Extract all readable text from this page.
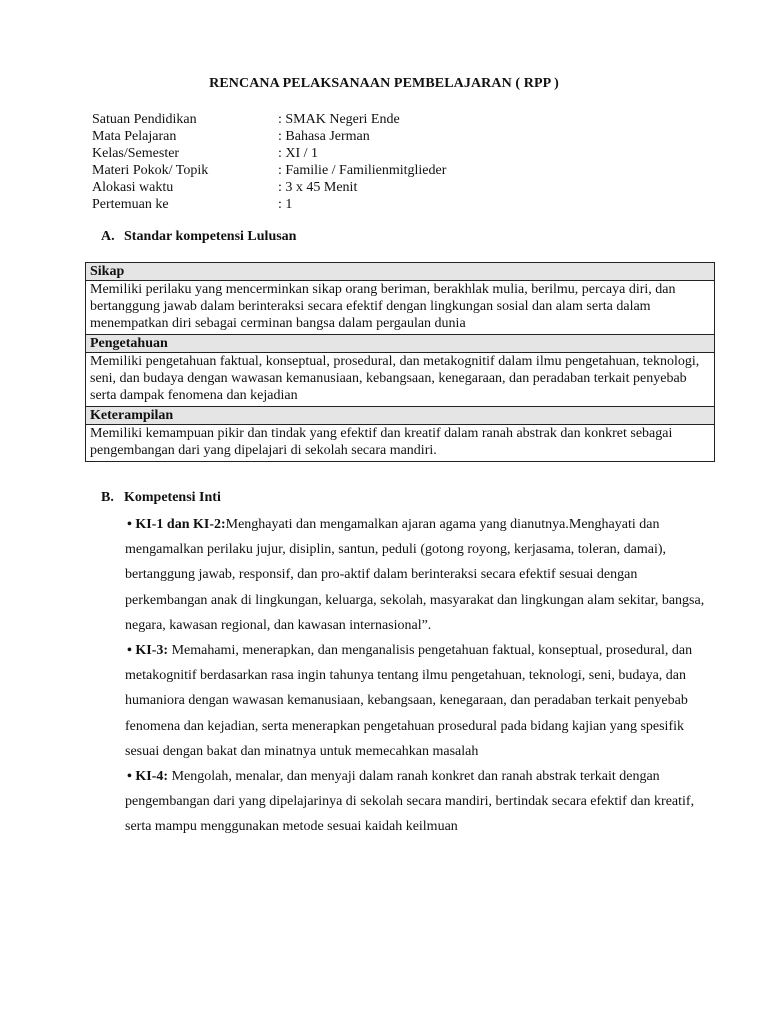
RENCANA PELAKSANAAN PEMBELAJARAN ( RPP )
Satuan Pendidikan	: SMAK Negeri Ende
Mata Pelajaran	: Bahasa Jerman
Kelas/Semester	: XI / 1
Materi Pokok/ Topik	: Familie / Familienmitglieder
Alokasi waktu	: 3 x 45 Menit
Pertemuan ke	: 1
A. Standar kompetensi Lulusan
Sikap
Memiliki perilaku yang mencerminkan sikap orang beriman, berakhlak mulia, berilmu, percaya diri, dan bertanggung jawab dalam berinteraksi secara efektif dengan lingkungan sosial dan alam serta dalam menempatkan diri sebagai cerminan bangsa dalam pergaulan dunia
Pengetahuan
Memiliki pengetahuan faktual, konseptual, prosedural, dan metakognitif dalam ilmu pengetahuan, teknologi, seni, dan budaya dengan wawasan kemanusiaan, kebangsaan, kenegaraan, dan peradaban terkait penyebab serta dampak fenomena dan kejadian
Keterampilan
Memiliki kemampuan pikir dan tindak yang efektif dan kreatif dalam ranah abstrak dan konkret sebagai pengembangan dari yang dipelajari di sekolah secara mandiri.
B. Kompetensi Inti

• KI-1 dan KI-2:Menghayati dan mengamalkan ajaran agama yang dianutnya.Menghayati dan mengamalkan perilaku jujur, disiplin, santun, peduli (gotong royong, kerjasama, toleran, damai), bertanggung jawab, responsif, dan pro-aktif dalam berinteraksi secara efektif sesuai dengan perkembangan anak di lingkungan, keluarga, sekolah, masyarakat dan lingkungan alam sekitar, bangsa, negara, kawasan regional, dan kawasan internasional”.

• KI-3: Memahami, menerapkan, dan menganalisis pengetahuan faktual, konseptual, prosedural, dan metakognitif berdasarkan rasa ingin tahunya tentang ilmu pengetahuan, teknologi, seni, budaya, dan humaniora dengan wawasan kemanusiaan, kebangsaan, kenegaraan, dan peradaban terkait penyebab fenomena dan kejadian, serta menerapkan pengetahuan prosedural pada bidang kajian yang spesifik sesuai dengan bakat dan minatnya untuk memecahkan masalah

• KI-4: Mengolah, menalar, dan menyaji dalam ranah konkret dan ranah abstrak terkait dengan pengembangan dari yang dipelajarinya di sekolah secara mandiri, bertindak secara efektif dan kreatif, serta mampu menggunakan metode sesuai kaidah keilmuan
